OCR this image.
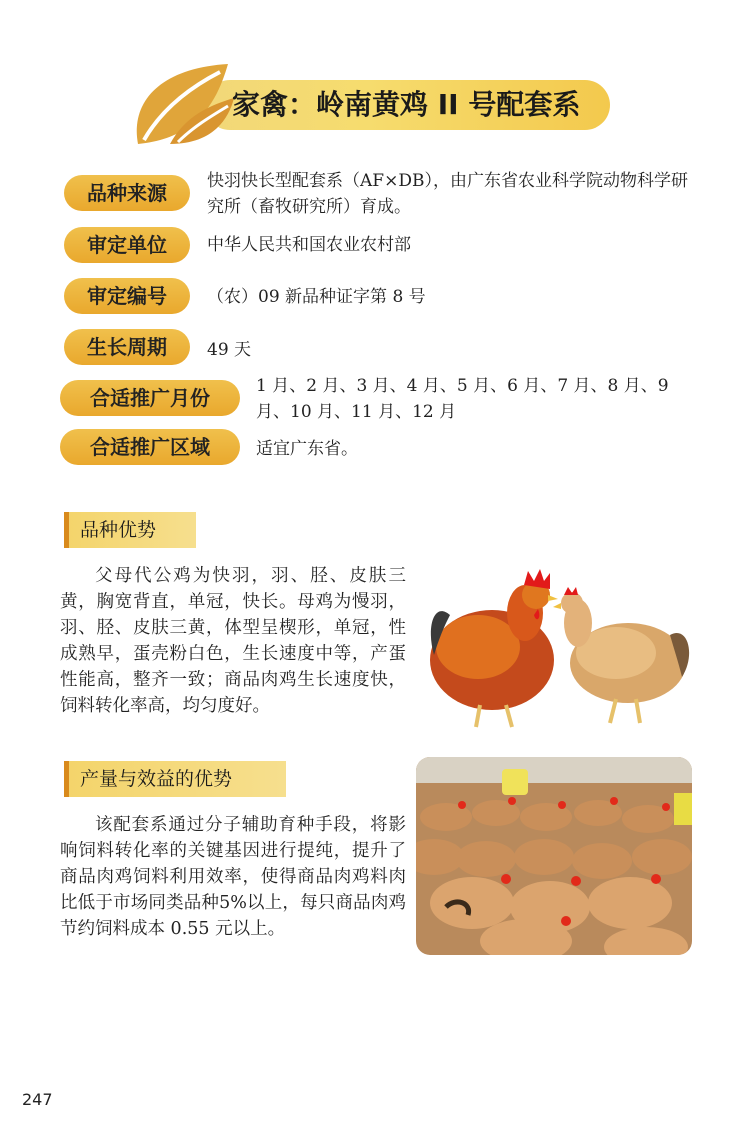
家禽：岭南黄鸡 II 号配套系
品种来源	快羽快长型配套系（AF×DB），由广东省农业科学院动物科学研究所（畜牧研究所）育成。
审定单位	中华人民共和国农业农村部
审定编号	（农）09 新品种证字第 8 号
生长周期	49 天
合适推广月份	1 月、2 月、3 月、4 月、5 月、6 月、7 月、8 月、9 月、10 月、11 月、12 月
合适推广区域	适宜广东省。
品种优势
父母代公鸡为快羽，羽、胫、皮肤三黄，胸宽背直，单冠，快长。母鸡为慢羽，羽、胫、皮肤三黄，体型呈楔形，单冠，性成熟早，蛋壳粉白色，生长速度中等，产蛋性能高，整齐一致；商品肉鸡生长速度快，饲料转化率高，均匀度好。
产量与效益的优势
该配套系通过分子辅助育种手段，将影响饲料转化率的关键基因进行提纯，提升了商品肉鸡饲料利用效率，使得商品肉鸡料肉比低于市场同类品种5%以上，每只商品肉鸡节约饲料成本 0.55 元以上。
247
